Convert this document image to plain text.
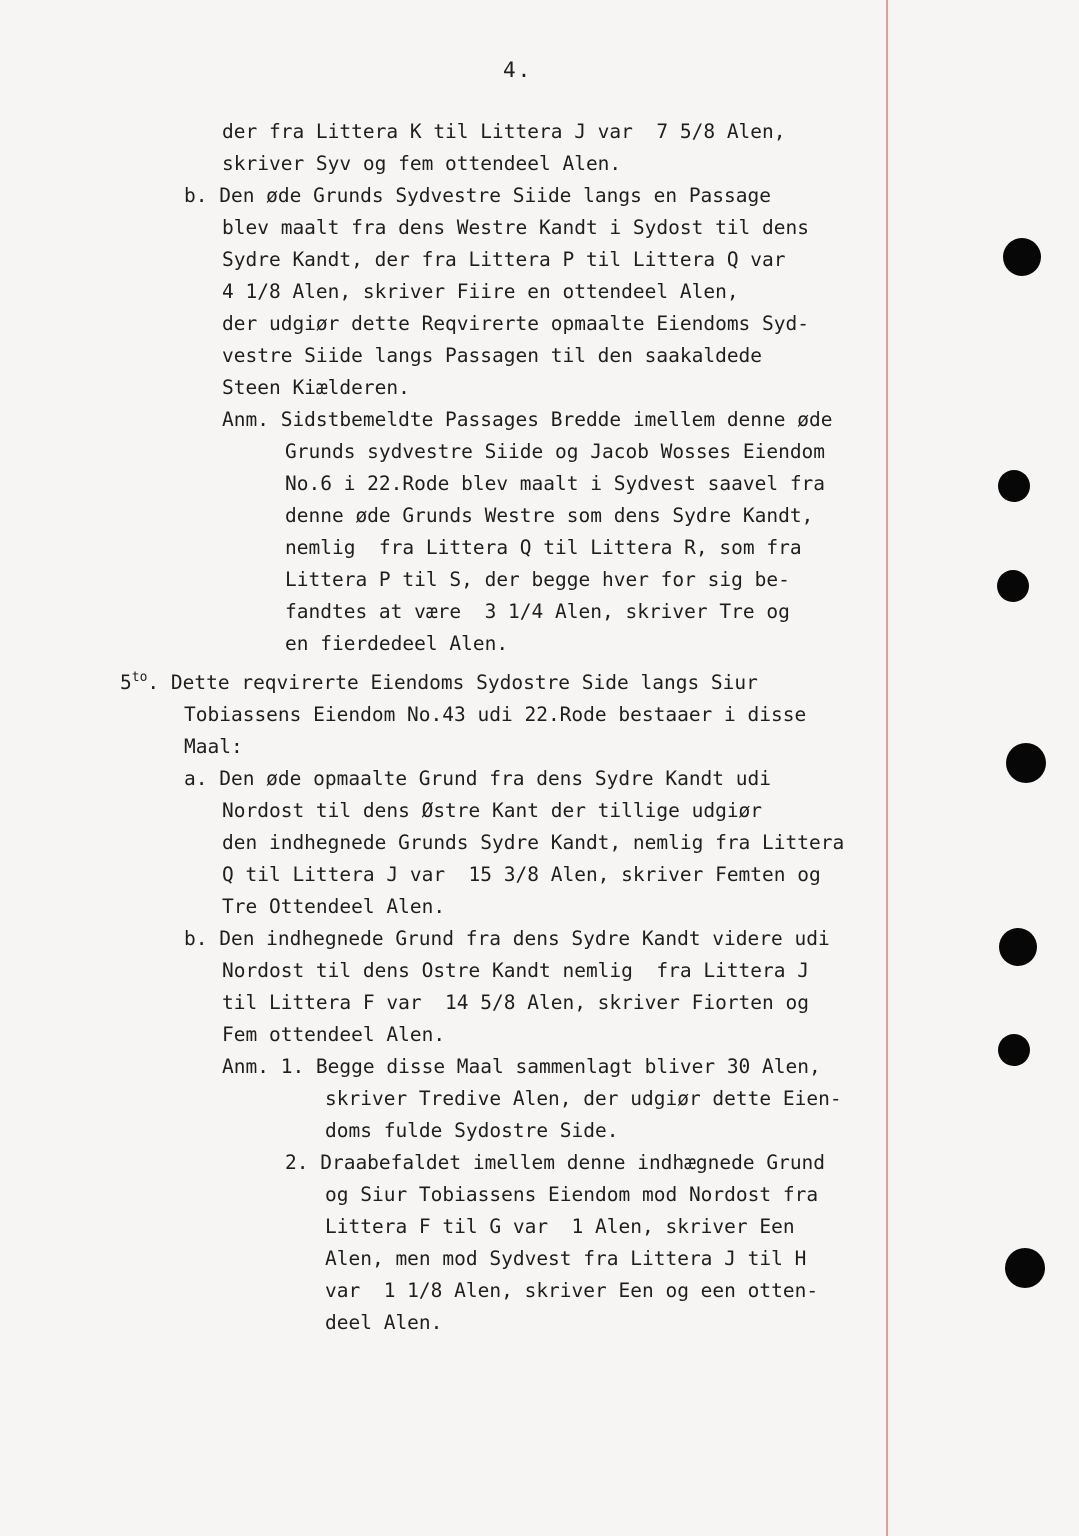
4.
der fra Littera K til Littera J var  7 5/8 Alen,
skriver Syv og fem ottendeel Alen.
b. Den øde Grunds Sydvestre Siide langs en Passage
blev maalt fra dens Westre Kandt i Sydost til dens
Sydre Kandt, der fra Littera P til Littera Q var
4 1/8 Alen, skriver Fiire en ottendeel Alen,
der udgiør dette Reqvirerte opmaalte Eiendoms Syd-
vestre Siide langs Passagen til den saakaldede
Steen Kiælderen.
Anm. Sidstbemeldte Passages Bredde imellem denne øde
Grunds sydvestre Siide og Jacob Wosses Eiendom
No.6 i 22.Rode blev maalt i Sydvest saavel fra
denne øde Grunds Westre som dens Sydre Kandt,
nemlig  fra Littera Q til Littera R, som fra
Littera P til S, der begge hver for sig be-
fandtes at være  3 1/4 Alen, skriver Tre og
en fierdedeel Alen.
$5^{to}$. Dette reqvirerte Eiendoms Sydostre Side langs Siur
Tobiassens Eiendom No.43 udi 22.Rode bestaaer i disse
Maal:
a. Den øde opmaalte Grund fra dens Sydre Kandt udi
Nordost til dens Østre Kant der tillige udgiør
den indhegnede Grunds Sydre Kandt, nemlig fra Littera
Q til Littera J var  15 3/8 Alen, skriver Femten og
Tre Ottendeel Alen.
b. Den indhegnede Grund fra dens Sydre Kandt videre udi
Nordost til dens Ostre Kandt nemlig  fra Littera J
til Littera F var  14 5/8 Alen, skriver Fiorten og
Fem ottendeel Alen.
Anm. 1. Begge disse Maal sammenlagt bliver 30 Alen,
skriver Tredive Alen, der udgiør dette Eien-
doms fulde Sydostre Side.
2. Draabefaldet imellem denne indhægnede Grund
og Siur Tobiassens Eiendom mod Nordost fra
Littera F til G var  1 Alen, skriver Een
Alen, men mod Sydvest fra Littera J til H
var  1 1/8 Alen, skriver Een og een otten-
deel Alen.
